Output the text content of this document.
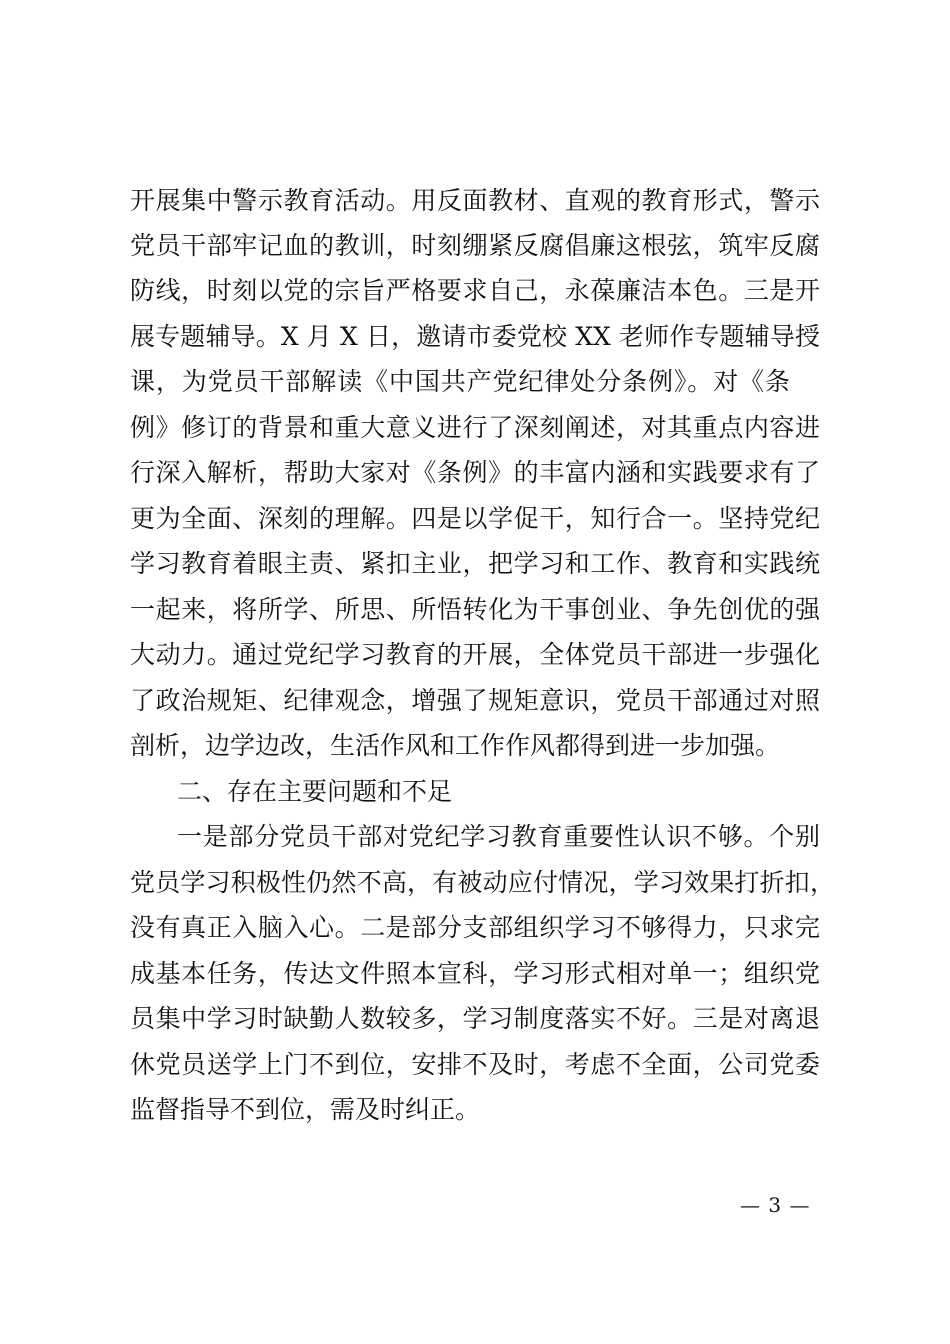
开展集中警示教育活动。用反面教材、直观的教育形式，警示
党员干部牢记血的教训，时刻绷紧反腐倡廉这根弦，筑牢反腐
防线，时刻以党的宗旨严格要求自己，永葆廉洁本色。三是开
展专题辅导。X 月 X 日，邀请市委党校 XX 老师作专题辅导授
课，为党员干部解读《中国共产党纪律处分条例》。对《条
例》修订的背景和重大意义进行了深刻阐述，对其重点内容进
行深入解析，帮助大家对《条例》的丰富内涵和实践要求有了
更为全面、深刻的理解。四是以学促干，知行合一。坚持党纪
学习教育着眼主责、紧扣主业，把学习和工作、教育和实践统
一起来，将所学、所思、所悟转化为干事创业、争先创优的强
大动力。通过党纪学习教育的开展，全体党员干部进一步强化
了政治规矩、纪律观念，增强了规矩意识，党员干部通过对照
剖析，边学边改，生活作风和工作作风都得到进一步加强。
二、存在主要问题和不足
一是部分党员干部对党纪学习教育重要性认识不够。个别
党员学习积极性仍然不高，有被动应付情况，学习效果打折扣，
没有真正入脑入心。二是部分支部组织学习不够得力，只求完
成基本任务，传达文件照本宣科，学习形式相对单一；组织党
员集中学习时缺勤人数较多，学习制度落实不好。三是对离退
休党员送学上门不到位，安排不及时，考虑不全面，公司党委
监督指导不到位，需及时纠正。
— 3 —
